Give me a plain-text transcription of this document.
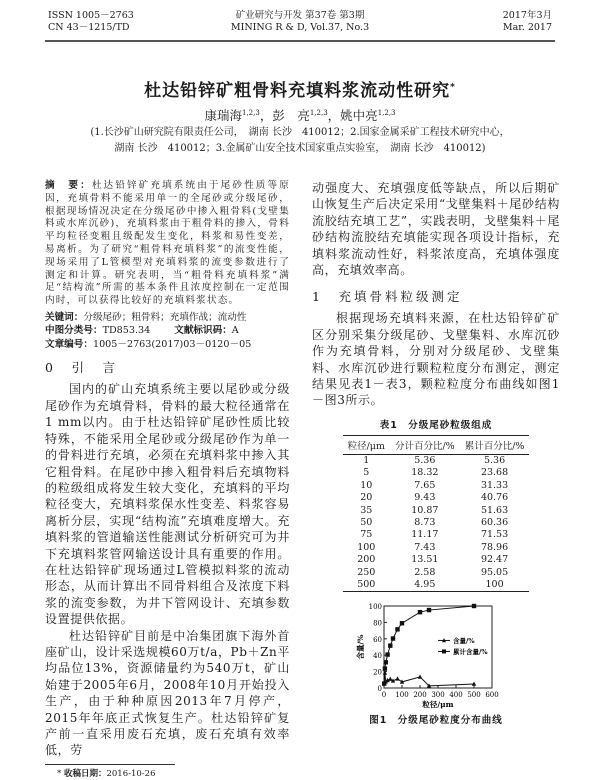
ISSN 1005－2763
CN 43－1215/TD
矿业研究与开发 第37卷 第3期
MINING R & D, Vol.37, No.3
2017年3月
Mar. 2017
杜达铅锌矿粗骨料充填料浆流动性研究*
康瑞海$^{1,2,3}$，彭　亮$^{1,2,3}$，姚中亮$^{1,2,3}$
(1.长沙矿山研究院有限责任公司，　湖南 长沙　410012；2.国家金属采矿工程技术研究中心，
湖南 长沙　410012；3.金属矿山安全技术国家重点实验室，　湖南 长沙　410012)
摘　要：杜达铅锌矿充填系统由于尾砂性质等原因，充填骨料不能采用单一的全尾砂或分级尾砂，根据现场情况决定在分级尾砂中掺入粗骨料(戈壁集料或水库沉砂)，充填料浆由于粗骨料的掺入，骨料平均粒径变粗且级配发生变化，料浆和易性变差，易离析。为了研究“粗骨料充填料浆”的流变性能，现场采用了L管模型对充填料浆的流变参数进行了测定和计算。研究表明，当“粗骨料充填料浆”满足“结构流”所需的基本条件且浓度控制在一定范围内时，可以获得比较好的充填料浆状态。
关键词：分级尾砂；粗骨料；充填作战；流动性
中图分类号：TD853.34	文献标识码：A
文章编号：1005－2763(2017)03－0120－05
0　引　言
国内的矿山充填系统主要以尾砂或分级尾砂作为充填骨料，骨料的最大粒径通常在1 mm以内。由于杜达铅锌矿尾砂性质比较特殊，不能采用全尾砂或分级尾砂作为单一的骨料进行充填，必须在充填料浆中掺入其它粗骨料。在尾砂中掺入粗骨料后充填物料的粒级组成将发生较大变化，充填料的平均粒径变大，充填料浆保水性变差、料浆容易离析分层，实现“结构流”充填难度增大。充填料浆的管道输送性能测试分析研究可为井下充填料浆管网输送设计具有重要的作用。在杜达铅锌矿现场通过L管模拟料浆的流动形态，从而计算出不同骨料组合及浓度下料浆的流变参数，为井下管网设计、充填参数设置提供依据。
杜达铅锌矿目前是中冶集团旗下海外首座矿山，设计采选规模60万t/a，Pb＋Zn平均品位13%，资源储量约为540万t，矿山始建于2005年6月，2008年10月开始投入生产，由于种种原因2013年7月停产，2015年年底正式恢复生产。杜达铅锌矿复产前一直采用废石充填，废石充填有效率低，劳
* 收稿日期：2016-10-26
动强度大、充填强度低等缺点，所以后期矿山恢复生产后决定采用“戈壁集料＋尾砂结构流胶结充填工艺”，实践表明，戈壁集料＋尾砂结构流胶结充填能实现各项设计指标，充填料浆流动性好，料浆浓度高，充填体强度高，充填效率高。
1　充填骨料粒级测定
根据现场充填料来源，在杜达铅锌矿矿区分别采集分级尾砂、戈壁集料、水库沉砂作为充填骨料，分别对分级尾砂、戈壁集料、水库沉砂进行颗粒粒度分布测定，测定结果见表1－表3，颗粒粒度分布曲线如图1－图3所示。
表1　分级尾砂粒级组成
粒径/μm	分计百分比/%	累计百分比/%
1	5.36	5.36
5	18.32	23.68
10	7.65	31.33
20	9.43	40.76
35	10.87	51.63
50	8.73	60.36
75	11.17	71.53
100	7.43	78.96
200	13.51	92.47
250	2.58	95.05
500	4.95	100
0
20
40
60
80
100
0 100 200 300 400 500 600
粒径/μm
含量/%	含量/%
累计含量/%
图1　分级尾砂粒度分布曲线
